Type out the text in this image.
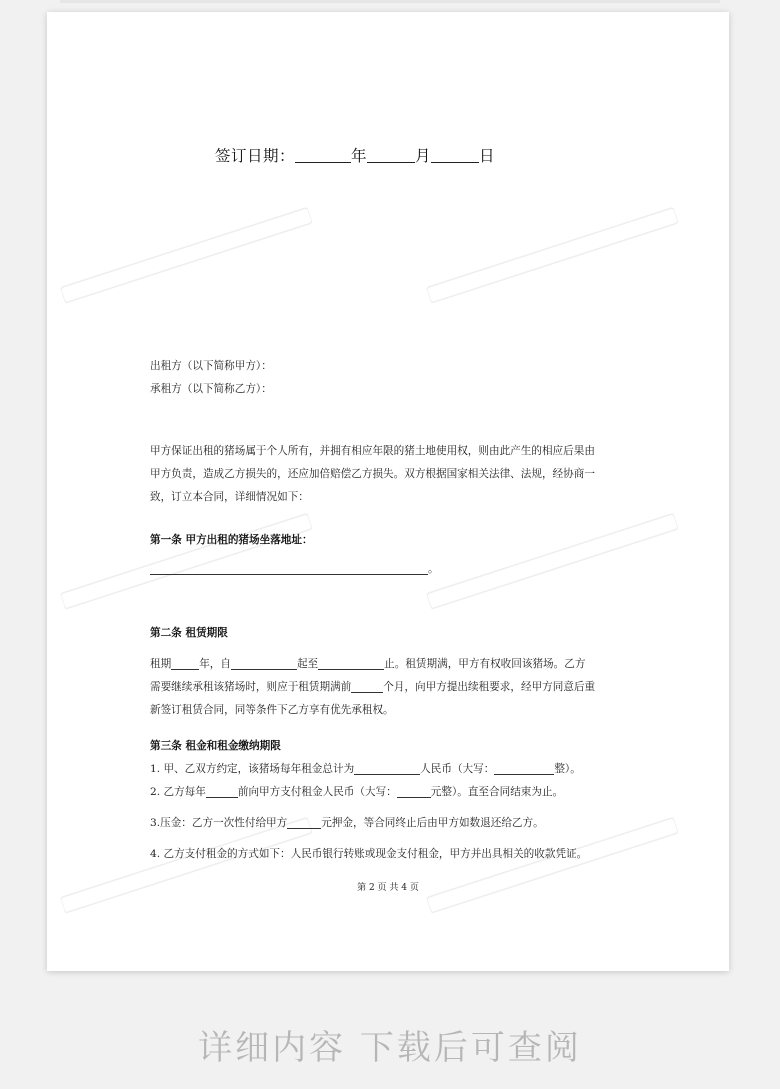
签订日期：	年	月	日
出租方（以下简称甲方）：
承租方（以下简称乙方）：
甲方保证出租的猪场属于个人所有，并拥有相应年限的猪土地使用权，则由此产生的相应后果由
甲方负责，造成乙方损失的，还应加倍赔偿乙方损失。双方根据国家相关法律、法规，经协商一
致，订立本合同，详细情况如下：
第一条 甲方出租的猪场坐落地址：
。
第二条 租赁期限
租期	年，自	起至	止。租赁期满，甲方有权收回该猪场。乙方
需要继续承租该猪场时，则应于租赁期满前	个月，向甲方提出续租要求，经甲方同意后重
新签订租赁合同，同等条件下乙方享有优先承租权。
第三条 租金和租金缴纳期限
1. 甲、乙双方约定，该猪场每年租金总计为	人民币（大写：	整）。
2. 乙方每年	前向甲方支付租金人民币（大写：	元整）。直至合同结束为止。
3.压金：乙方一次性付给甲方	元押金，等合同终止后由甲方如数退还给乙方。
4. 乙方支付租金的方式如下：人民币银行转账或现金支付租金，甲方并出具相关的收款凭证。
第 2 页 共 4 页
详细内容 下载后可查阅
